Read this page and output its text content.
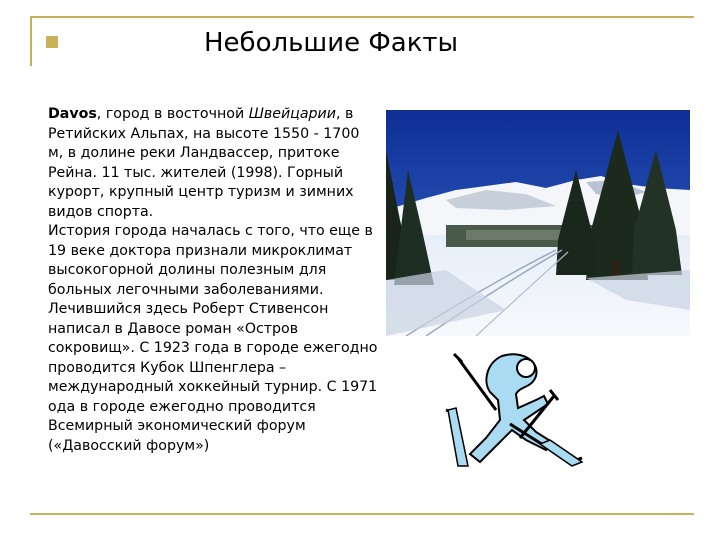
Небольшие Факты
Davos, город в восточной Швейцарии, в Ретийских Альпах, на высоте 1550 - 1700 м, в долине реки Ландвассер, притоке Рейна. 11 тыс. жителей (1998). Горный курорт, крупный центр туризм и зимних видов спорта.
История города началась с того, что еще в 19 веке доктора признали микроклимат высокогорной долины полезным для больных легочными заболеваниями. Лечившийся здесь Роберт Стивенсон написал в Давосе роман «Остров сокровищ». С 1923 года в городе ежегодно проводится Кубок Шпенглера – международный хоккейный турнир. С 1971 ода в городе ежегодно проводится Всемирный экономический форум («Давосский форум»)
